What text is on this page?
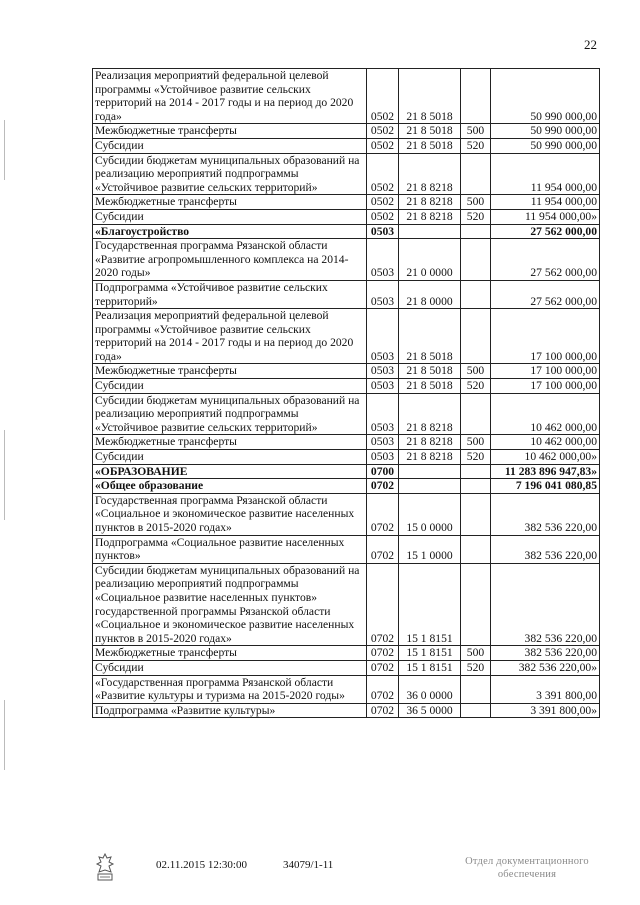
22
Реализация мероприятий федеральной целевой программы «Устойчивое развитие сельских территорий на 2014 - 2017 годы и на период до 2020 года»	0502	21 8 5018		50 990 000,00
Межбюджетные трансферты	0502	21 8 5018	500	50 990 000,00
Субсидии	0502	21 8 5018	520	50 990 000,00
Субсидии бюджетам муниципальных образований на реализацию мероприятий подпрограммы «Устойчивое развитие сельских территорий»	0502	21 8 8218		11 954 000,00
Межбюджетные трансферты	0502	21 8 8218	500	11 954 000,00
Субсидии	0502	21 8 8218	520	11 954 000,00»
«Благоустройство	0503			27 562 000,00
Государственная программа Рязанской области «Развитие агропромышленного комплекса на 2014-2020 годы»	0503	21 0 0000		27 562 000,00
Подпрограмма «Устойчивое развитие сельских территорий»	0503	21 8 0000		27 562 000,00
Реализация мероприятий федеральной целевой программы «Устойчивое развитие сельских территорий на 2014 - 2017 годы и на период до 2020 года»	0503	21 8 5018		17 100 000,00
Межбюджетные трансферты	0503	21 8 5018	500	17 100 000,00
Субсидии	0503	21 8 5018	520	17 100 000,00
Субсидии бюджетам муниципальных образований на реализацию мероприятий подпрограммы «Устойчивое развитие сельских территорий»	0503	21 8 8218		10 462 000,00
Межбюджетные трансферты	0503	21 8 8218	500	10 462 000,00
Субсидии	0503	21 8 8218	520	10 462 000,00»
«ОБРАЗОВАНИЕ	0700			11 283 896 947,83»
«Общее образование	0702			7 196 041 080,85
Государственная программа Рязанской области «Социальное и экономическое развитие населенных пунктов в 2015-2020 годах»	0702	15 0 0000		382 536 220,00
Подпрограмма «Социальное развитие населенных пунктов»	0702	15 1 0000		382 536 220,00
Субсидии бюджетам муниципальных образований на реализацию мероприятий подпрограммы «Социальное развитие населенных пунктов» государственной программы Рязанской области «Социальное и экономическое развитие населенных пунктов в 2015-2020 годах»	0702	15 1 8151		382 536 220,00
Межбюджетные трансферты	0702	15 1 8151	500	382 536 220,00
Субсидии	0702	15 1 8151	520	382 536 220,00»
«Государственная программа Рязанской области «Развитие культуры и туризма на 2015-2020 годы»	0702	36 0 0000		3 391 800,00
Подпрограмма «Развитие культуры»	0702	36 5 0000		3 391 800,00»
02.11.2015 12:30:00	34079/1-11	Отдел документационного
обеспечения
